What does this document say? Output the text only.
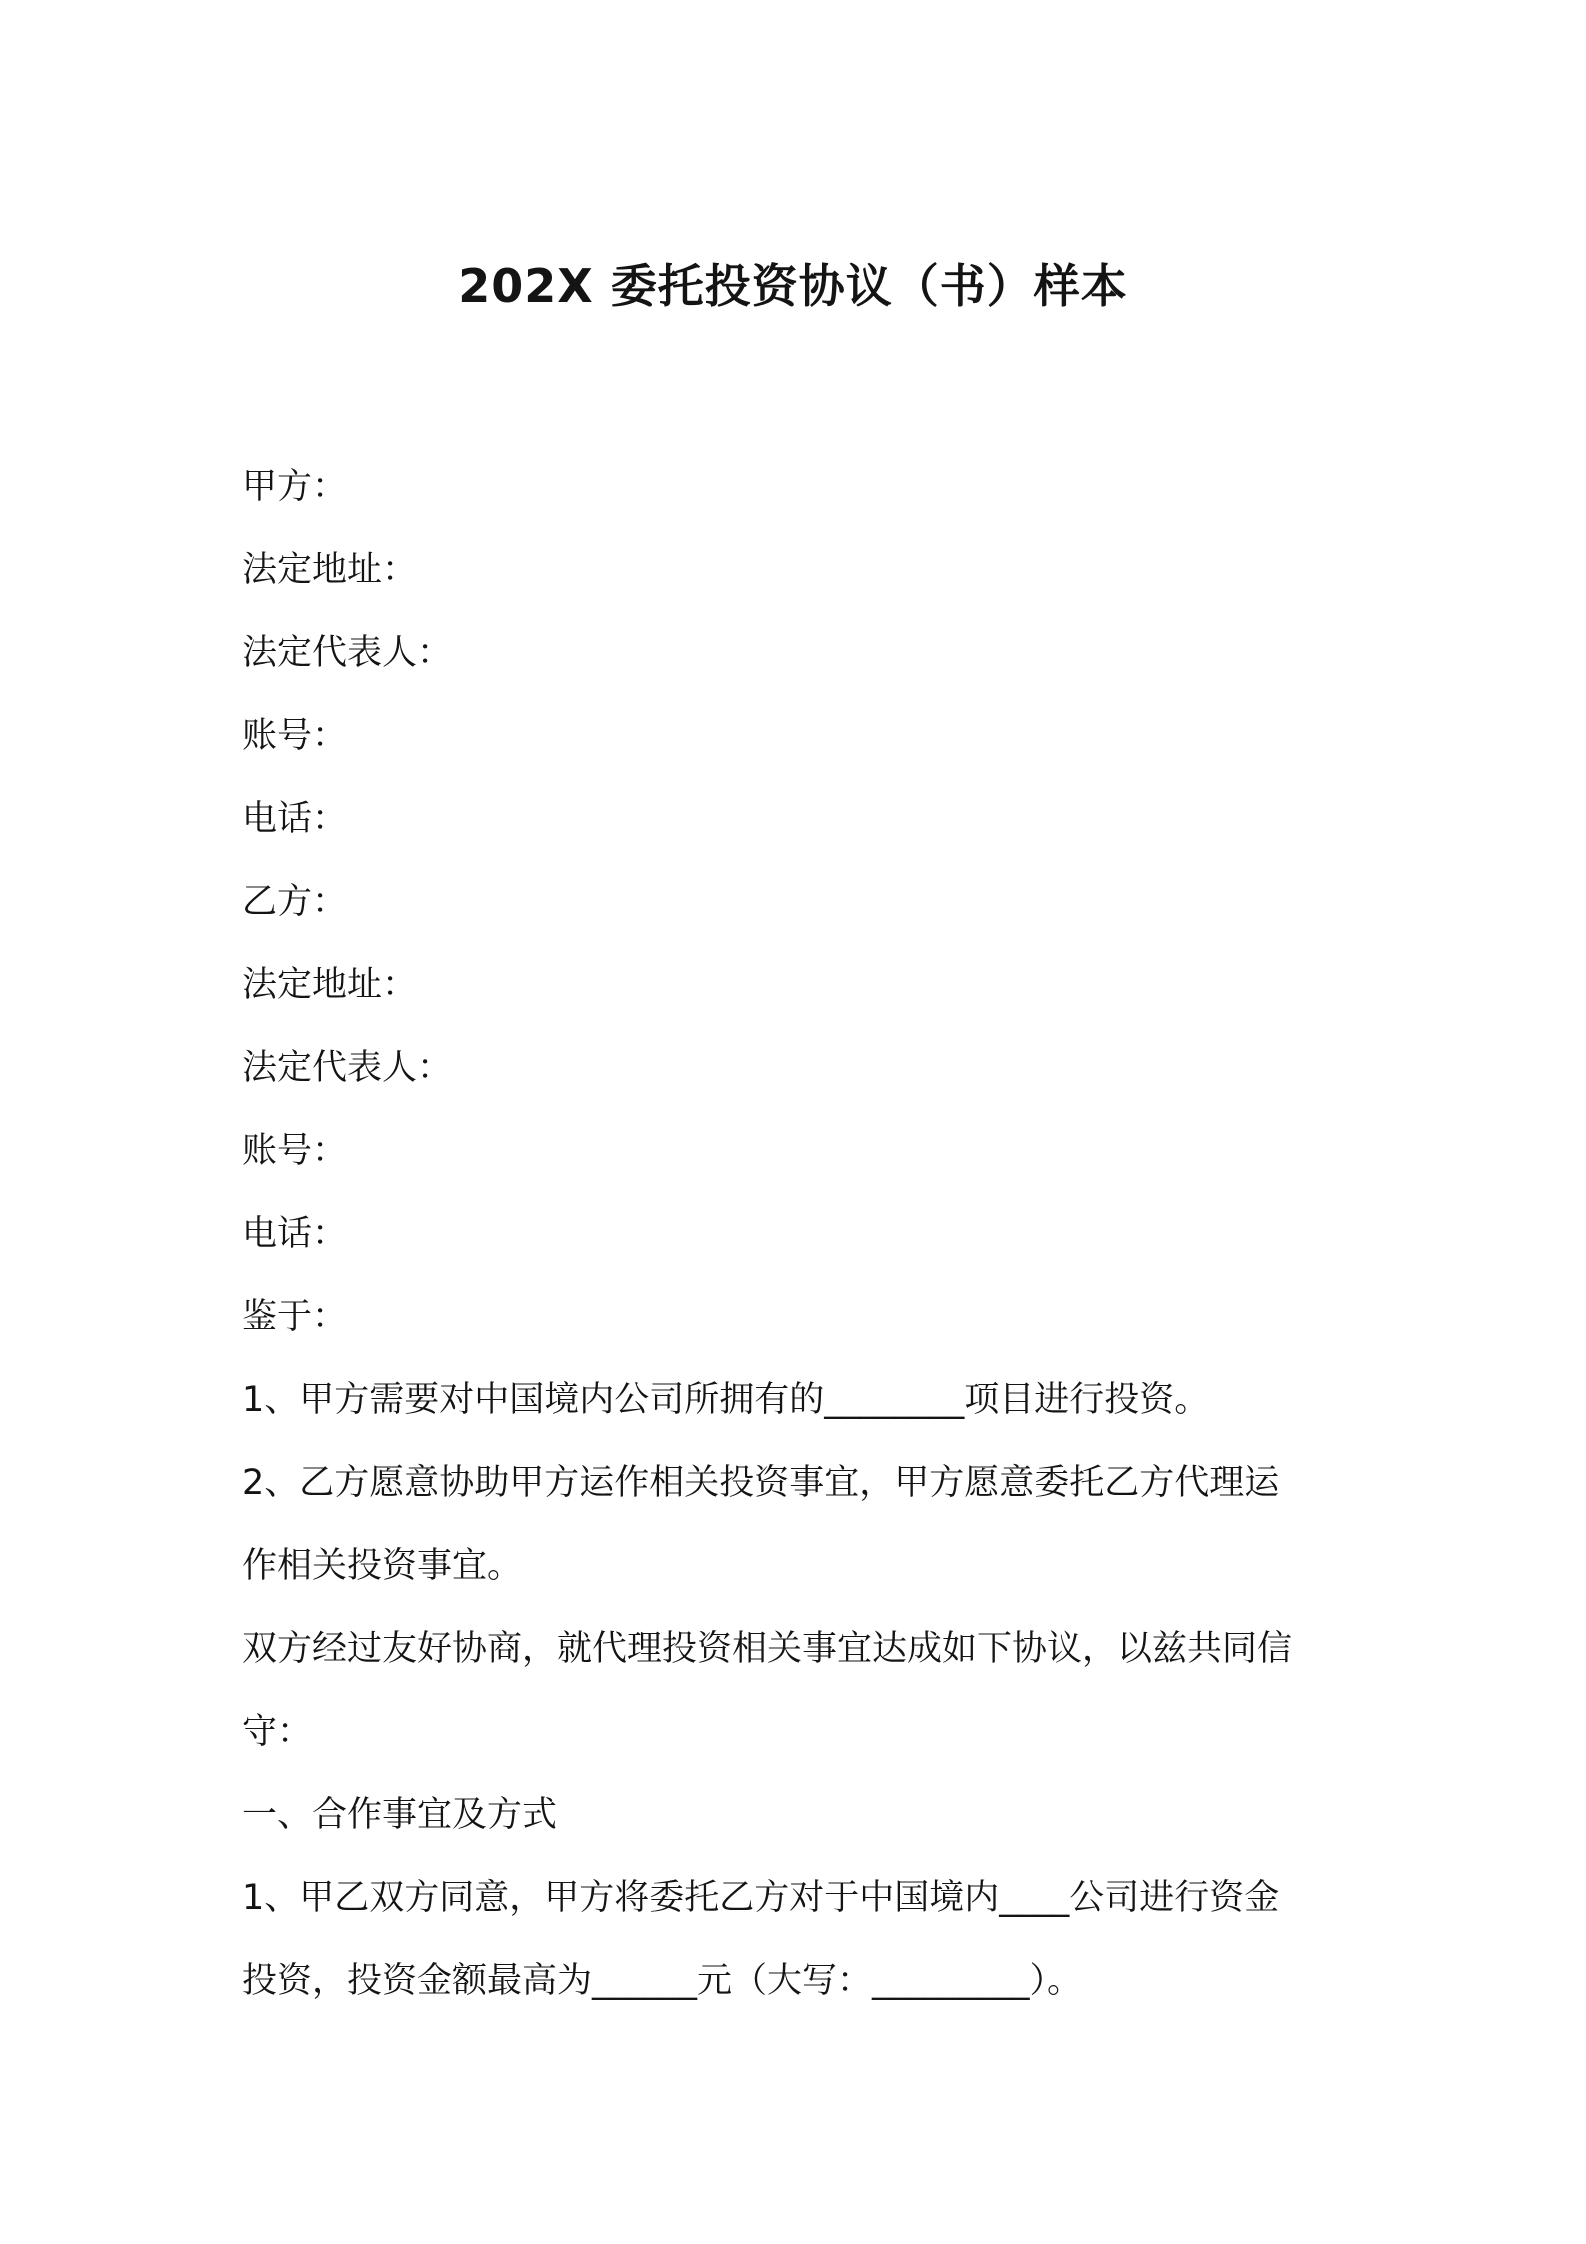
202X 委托投资协议（书）样本
甲方：
法定地址：
法定代表人：
账号：
电话：
乙方：
法定地址：
法定代表人：
账号：
电话：
鉴于：
1、甲方需要对中国境内公司所拥有的________项目进行投资。
2、乙方愿意协助甲方运作相关投资事宜，甲方愿意委托乙方代理运
作相关投资事宜。
双方经过友好协商，就代理投资相关事宜达成如下协议，以兹共同信
守：
一、合作事宜及方式
1、甲乙双方同意，甲方将委托乙方对于中国境内____公司进行资金
投资，投资金额最高为______元（大写：_________）。
